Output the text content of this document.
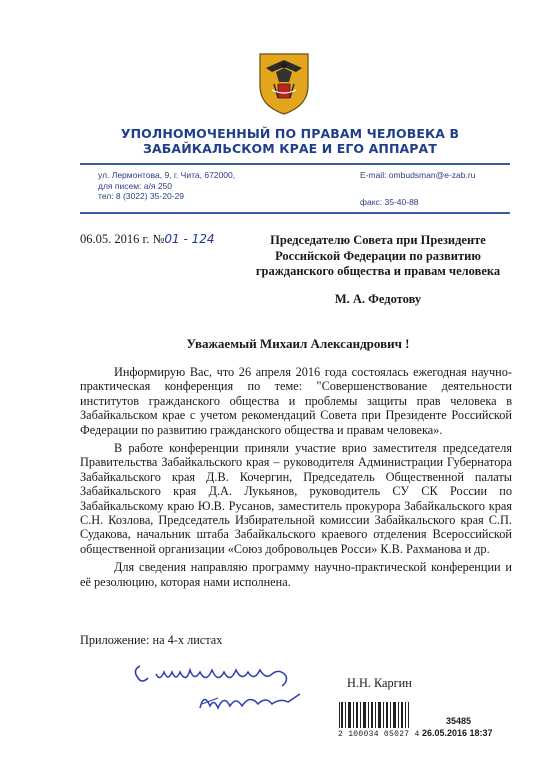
УПОЛНОМОЧЕННЫЙ ПО ПРАВАМ ЧЕЛОВЕКА В
ЗАБАЙКАЛЬСКОМ КРАЕ И ЕГО АППАРАТ
ул. Лермонтова, 9, г. Чита, 672000,
для писем: а/я 250
тел: 8 (3022) 35-20-29
E-mail: ombudsman@e-zab.ru
факс: 35-40-88
06.05. 2016 г. №01 - 124	Председателю Совета при Президенте
Российской Федерации по развитию
гражданского общества и правам человека
М. А. Федотову
Уважаемый Михаил Александрович !

Информирую Вас, что 26 апреля 2016 года состоялась ежегодная научно-практическая конференция по теме: "Совершенствование деятельности институтов гражданского общества и проблемы защиты прав человека в Забайкальском крае с учетом рекомендаций Совета при Президенте Российской Федерации по развитию гражданского общества и правам человека».

В работе конференции приняли участие врио заместителя председателя Правительства Забайкальского края – руководителя Администрации Губернатора Забайкальского края Д.В. Кочергин, Председатель Общественной палаты Забайкальского края Д.А. Лукьянов, руководитель СУ СК России по Забайкальскому краю Ю.В. Русанов, заместитель прокурора Забайкальского края С.Н. Козлова, Председатель Избирательной комиссии Забайкальского края С.П. Судакова, начальник штаба Забайкальского краевого отделения Всероссийской общественной организации «Союз добровольцев Росси» К.В. Рахманова и др.

Для сведения направляю программу научно-практической конференции и её резолюцию, которая нами исполнена.

Приложение: на 4-х листах
Н.Н. Каргин
2 100034 05027 4
35485
26.05.2016 18:37
